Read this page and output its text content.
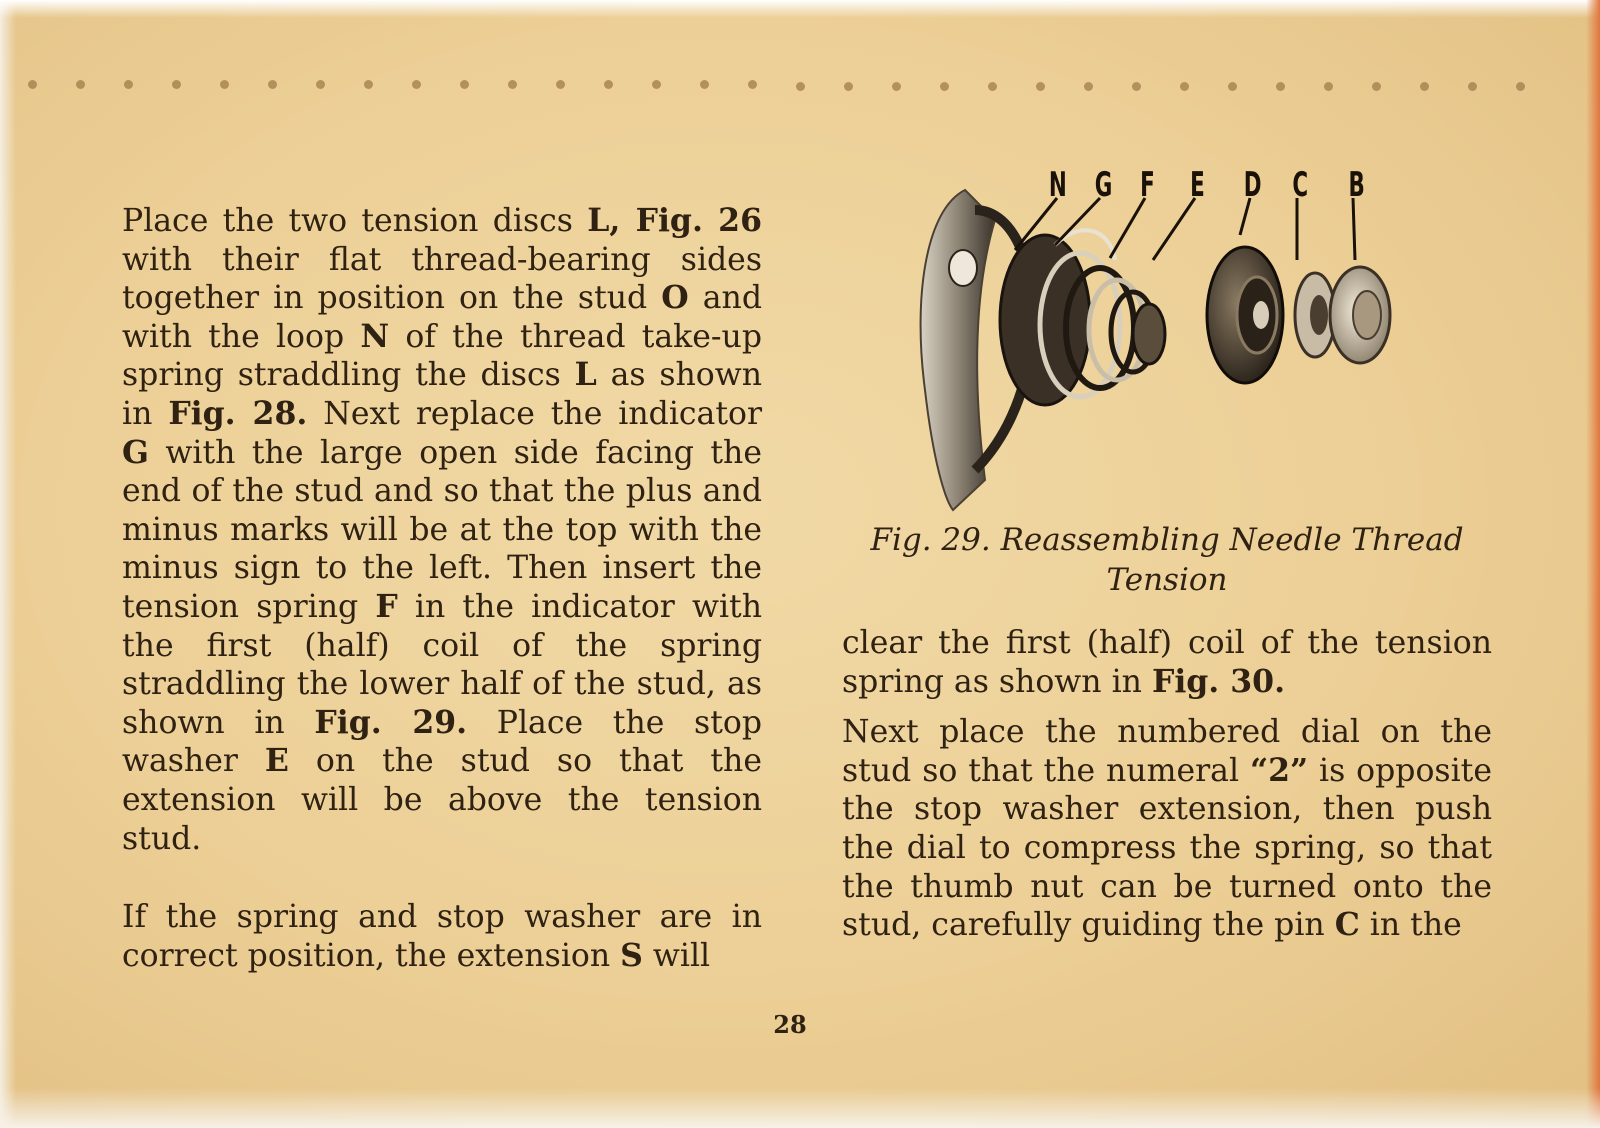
Place the two tension discs L, Fig. 26 with their flat thread-bearing sides together in position on the stud O and with the loop N of the thread take-up spring straddling the discs L as shown in Fig. 28. Next replace the indicator G with the large open side facing the end of the stud and so that the plus and minus marks will be at the top with the minus sign to the left. Then insert the tension spring F in the indicator with the first (half) coil of the spring straddling the lower half of the stud, as shown in Fig. 29. Place the stop washer E on the stud so that the extension will be above the tension stud.

If the spring and stop washer are in correct position, the extension S will

N G F E D C B
Fig. 29. Reassembling Needle Thread
Tension

clear the first (half) coil of the tension spring as shown in Fig. 30.

Next place the numbered dial on the stud so that the numeral “2” is opposite the stop washer extension, then push the dial to compress the spring, so that the thumb nut can be turned onto the stud, carefully guiding the pin C in the

28
